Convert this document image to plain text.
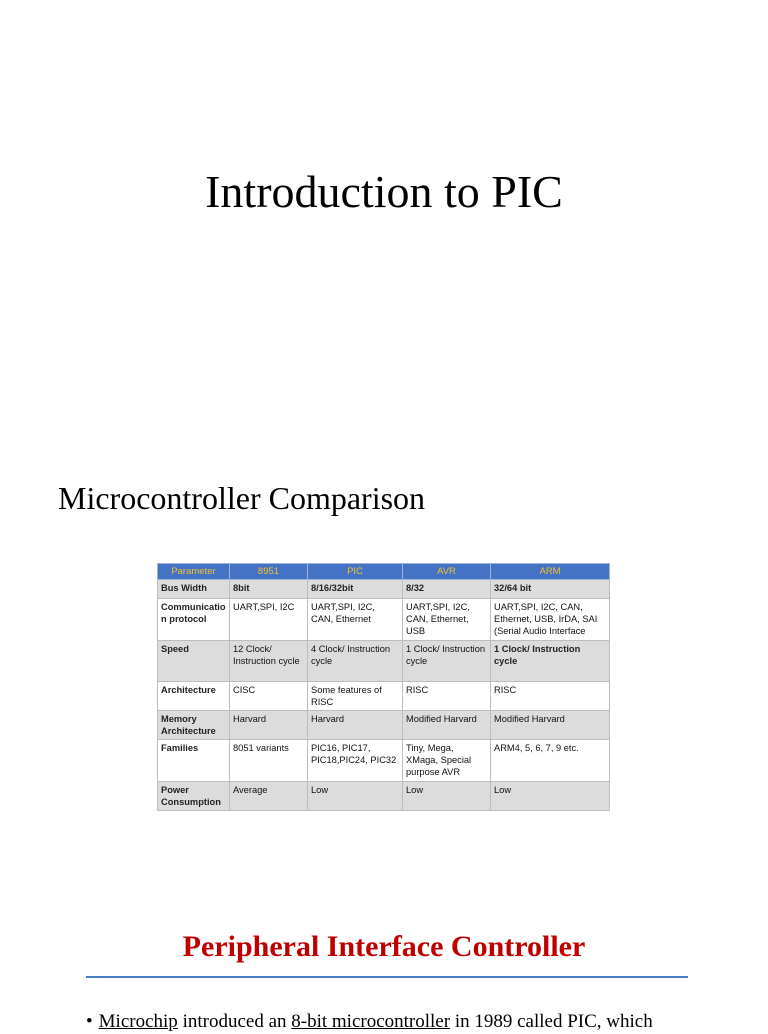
Introduction to PIC
Microcontroller Comparison
Parameter	8951	PIC	AVR	ARM
Bus Width	8bit	8/16/32bit	8/32	32/64 bit
Communicatio n protocol	UART,SPI, I2C	UART,SPI, I2C, CAN, Ethernet	UART,SPI, I2C, CAN, Ethernet, USB	UART,SPI, I2C, CAN, Ethernet, USB, IrDA, SAI (Serial Audio Interface
Speed	12 Clock/ Instruction cycle	4 Clock/ Instruction cycle	1 Clock/ Instruction cycle	1 Clock/ Instruction cycle
Architecture	CISC	Some features of RISC	RISC	RISC
Memory Architecture	Harvard	Harvard	Modified Harvard	Modified Harvard
Families	8051 variants	PIC16, PIC17, PIC18,PIC24, PIC32	Tiny, Mega, XMaga, Special purpose AVR	ARM4, 5, 6, 7, 9 etc.
Power Consumption	Average	Low	Low	Low
Peripheral Interface Controller
• Microchip introduced an 8-bit microcontroller in 1989 called PIC, which
